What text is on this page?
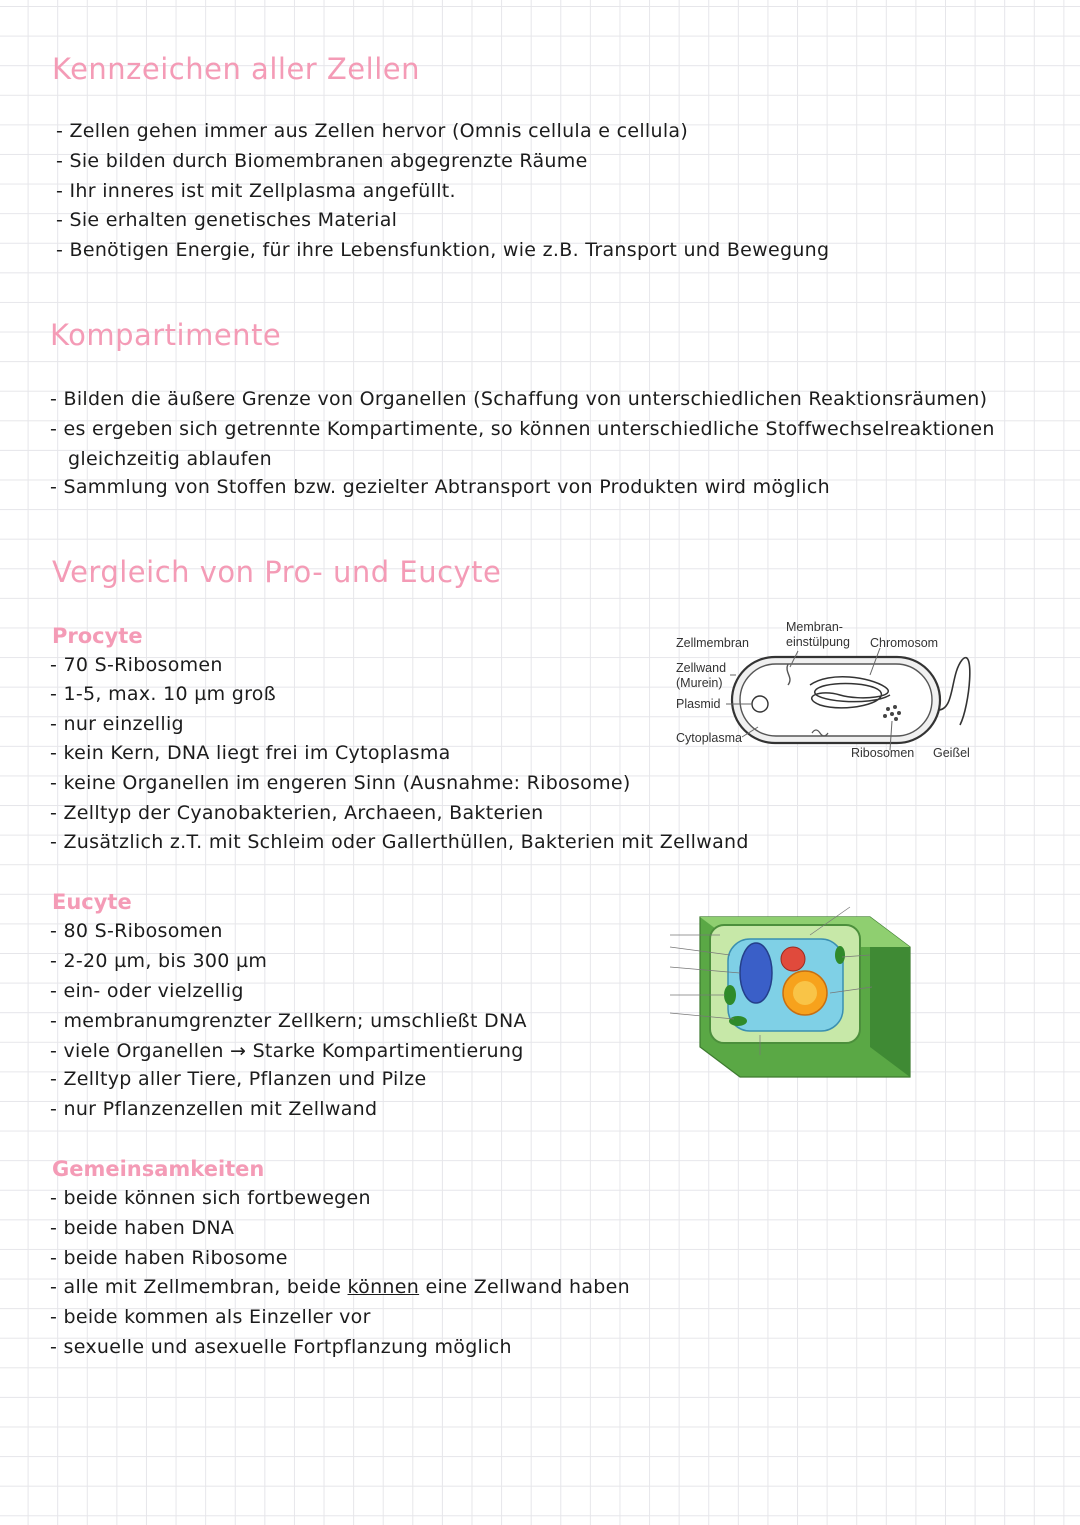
Kennzeichen aller Zellen

- Zellen gehen immer aus Zellen hervor (Omnis cellula e cellula)

- Sie bilden durch Biomembranen abgegrenzte Räume

- Ihr inneres ist mit Zellplasma angefüllt.

- Sie erhalten genetisches Material

- Benötigen Energie, für ihre Lebensfunktion, wie z.B. Transport und Bewegung

Kompartimente

- Bilden die äußere Grenze von Organellen (Schaffung von unterschiedlichen Reaktionsräumen)

- es ergeben sich getrennte Kompartimente, so können unterschiedliche Stoffwechselreaktionen

gleichzeitig ablaufen

- Sammlung von Stoffen bzw. gezielter Abtransport von Produkten wird möglich

Vergleich von Pro- und Eucyte
Procyte

- 70 S-Ribosomen

- 1-5, max. 10 µm groß

- nur einzellig

- kein Kern, DNA liegt frei im Cytoplasma

- keine Organellen im engeren Sinn (Ausnahme: Ribosome)

- Zelltyp der Cyanobakterien, Archaeen, Bakterien

- Zusätzlich z.T. mit Schleim oder Gallerthüllen, Bakterien mit Zellwand

Zellmembran
Membran-
einstülpung Chromosom
Zellwand
(Murein)
Plasmid
Cytoplasma
Ribosomen Geißel
Eucyte

- 80 S-Ribosomen

- 2-20 µm, bis 300 µm

- ein- oder vielzellig

- membranumgrenzter Zellkern; umschließt DNA

- viele Organellen → Starke Kompartimentierung

- Zelltyp aller Tiere, Pflanzen und Pilze

- nur Pflanzenzellen mit Zellwand

Gemeinsamkeiten

- beide können sich fortbewegen

- beide haben DNA

- beide haben Ribosome

- alle mit Zellmembran, beide können eine Zellwand haben

- beide kommen als Einzeller vor

- sexuelle und asexuelle Fortpflanzung möglich
